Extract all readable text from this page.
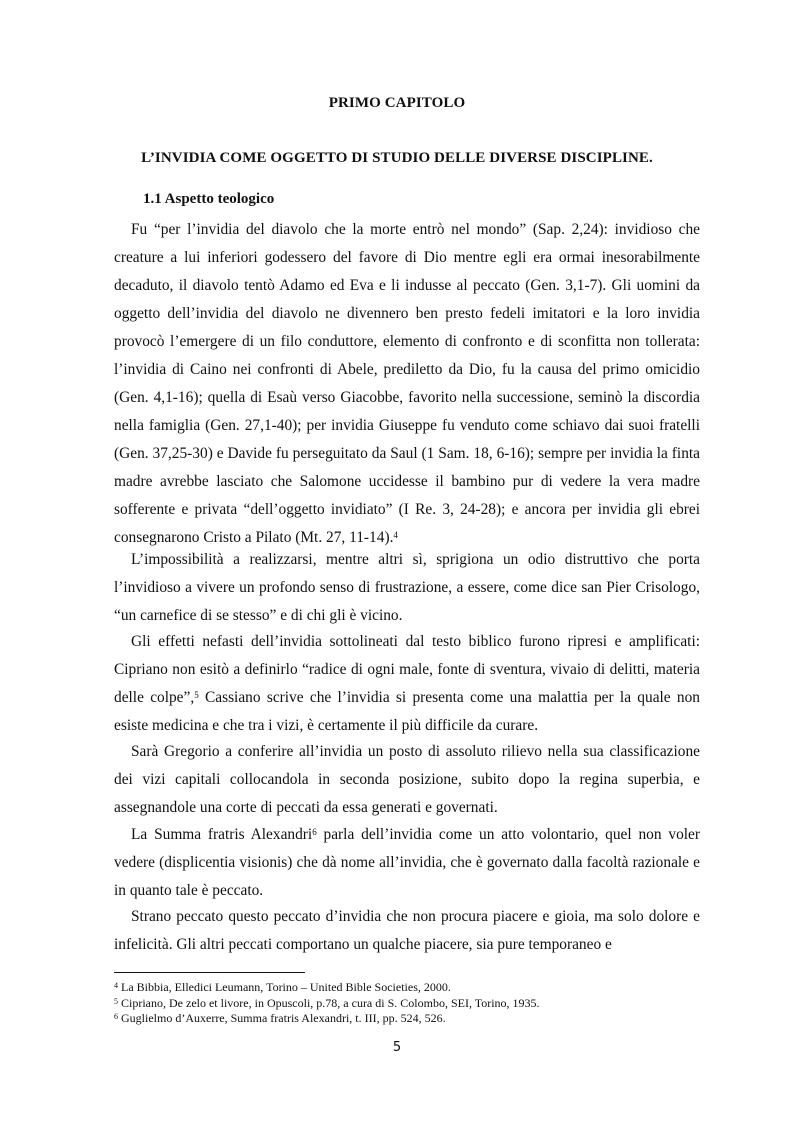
PRIMO CAPITOLO
L’INVIDIA COME OGGETTO DI STUDIO DELLE DIVERSE DISCIPLINE.
1.1 Aspetto teologico

Fu “per l’invidia del diavolo che la morte entrò nel mondo” (Sap. 2,24): invidioso che creature a lui inferiori godessero del favore di Dio mentre egli era ormai inesorabilmente decaduto, il diavolo tentò Adamo ed Eva e li indusse al peccato (Gen. 3,1-7). Gli uomini da oggetto dell’invidia del diavolo ne divennero ben presto fedeli imitatori e la loro invidia provocò l’emergere di un filo conduttore, elemento di confronto e di sconfitta non tollerata: l’invidia di Caino nei confronti di Abele, prediletto da Dio, fu la causa del primo omicidio (Gen. 4,1-16); quella di Esaù verso Giacobbe, favorito nella successione, seminò la discordia nella famiglia (Gen. 27,1-40); per invidia Giuseppe fu venduto come schiavo dai suoi fratelli (Gen. 37,25-30) e Davide fu perseguitato da Saul (1 Sam. 18, 6-16); sempre per invidia la finta madre avrebbe lasciato che Salomone uccidesse il bambino pur di vedere la vera madre sofferente e privata “dell’oggetto invidiato” (I Re. 3, 24-28); e ancora per invidia gli ebrei consegnarono Cristo a Pilato (Mt. 27, 11-14).$^4$

L’impossibilità a realizzarsi, mentre altri sì, sprigiona un odio distruttivo che porta l’invidioso a vivere un profondo senso di frustrazione, a essere, come dice san Pier Crisologo, “un carnefice di se stesso” e di chi gli è vicino.

Gli effetti nefasti dell’invidia sottolineati dal testo biblico furono ripresi e amplificati: Cipriano non esitò a definirlo “radice di ogni male, fonte di sventura, vivaio di delitti, materia delle colpe”,$^5$ Cassiano scrive che l’invidia si presenta come una malattia per la quale non esiste medicina e che tra i vizi, è certamente il più difficile da curare.

Sarà Gregorio a conferire all’invidia un posto di assoluto rilievo nella sua classificazione dei vizi capitali collocandola in seconda posizione, subito dopo la regina superbia, e assegnandole una corte di peccati da essa generati e governati.

La Summa fratris Alexandri$^6$ parla dell’invidia come un atto volontario, quel non voler vedere (displicentia visionis) che dà nome all’invidia, che è governato dalla facoltà razionale e in quanto tale è peccato.

Strano peccato questo peccato d’invidia che non procura piacere e gioia, ma solo dolore e infelicità. Gli altri peccati comportano un qualche piacere, sia pure temporaneo e

$^4$ La Bibbia, Elledici Leumann, Torino – United Bible Societies, 2000.
$^5$ Cipriano, De zelo et livore, in Opuscoli, p.78, a cura di S. Colombo, SEI, Torino, 1935.
$^6$ Guglielmo d’Auxerre, Summa fratris Alexandri, t. III, pp. 524, 526.
5
